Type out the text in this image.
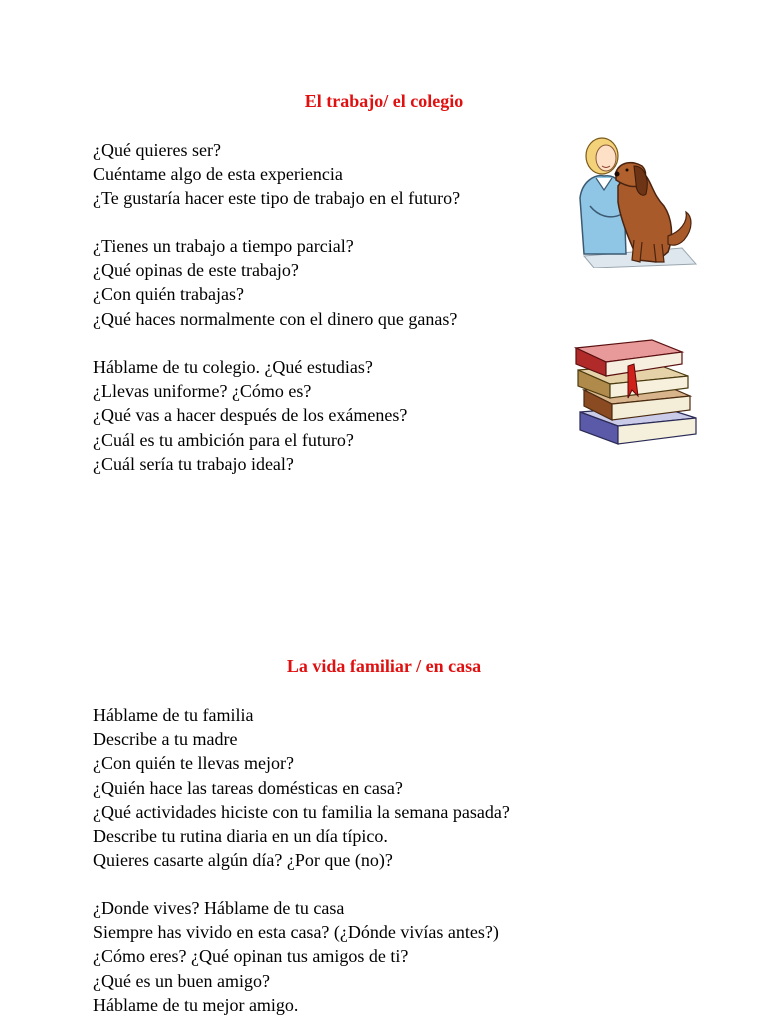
El trabajo/ el colegio
¿Qué quieres ser?
Cuéntame algo de esta experiencia
¿Te gustaría hacer este tipo de trabajo en el futuro?
¿Tienes un trabajo a tiempo parcial?
¿Qué opinas de este trabajo?
¿Con quién trabajas?
¿Qué haces normalmente con el dinero que ganas?
Háblame de tu colegio. ¿Qué estudias?
¿Llevas uniforme? ¿Cómo es?
¿Qué vas a hacer después de los exámenes?
¿Cuál es tu ambición para el futuro?
¿Cuál sería tu trabajo ideal?
La vida familiar / en casa
Háblame de tu familia
Describe a tu madre
¿Con quién te llevas mejor?
¿Quién hace las tareas domésticas en casa?
¿Qué actividades hiciste con tu familia la semana pasada?
Describe tu rutina diaria en un día típico.
Quieres casarte algún día? ¿Por que (no)?
¿Donde vives? Háblame de tu casa
Siempre has vivido en esta casa? (¿Dónde vivías antes?)
¿Cómo eres? ¿Qué opinan tus amigos de ti?
¿Qué es un buen amigo?
Háblame de tu mejor amigo.
